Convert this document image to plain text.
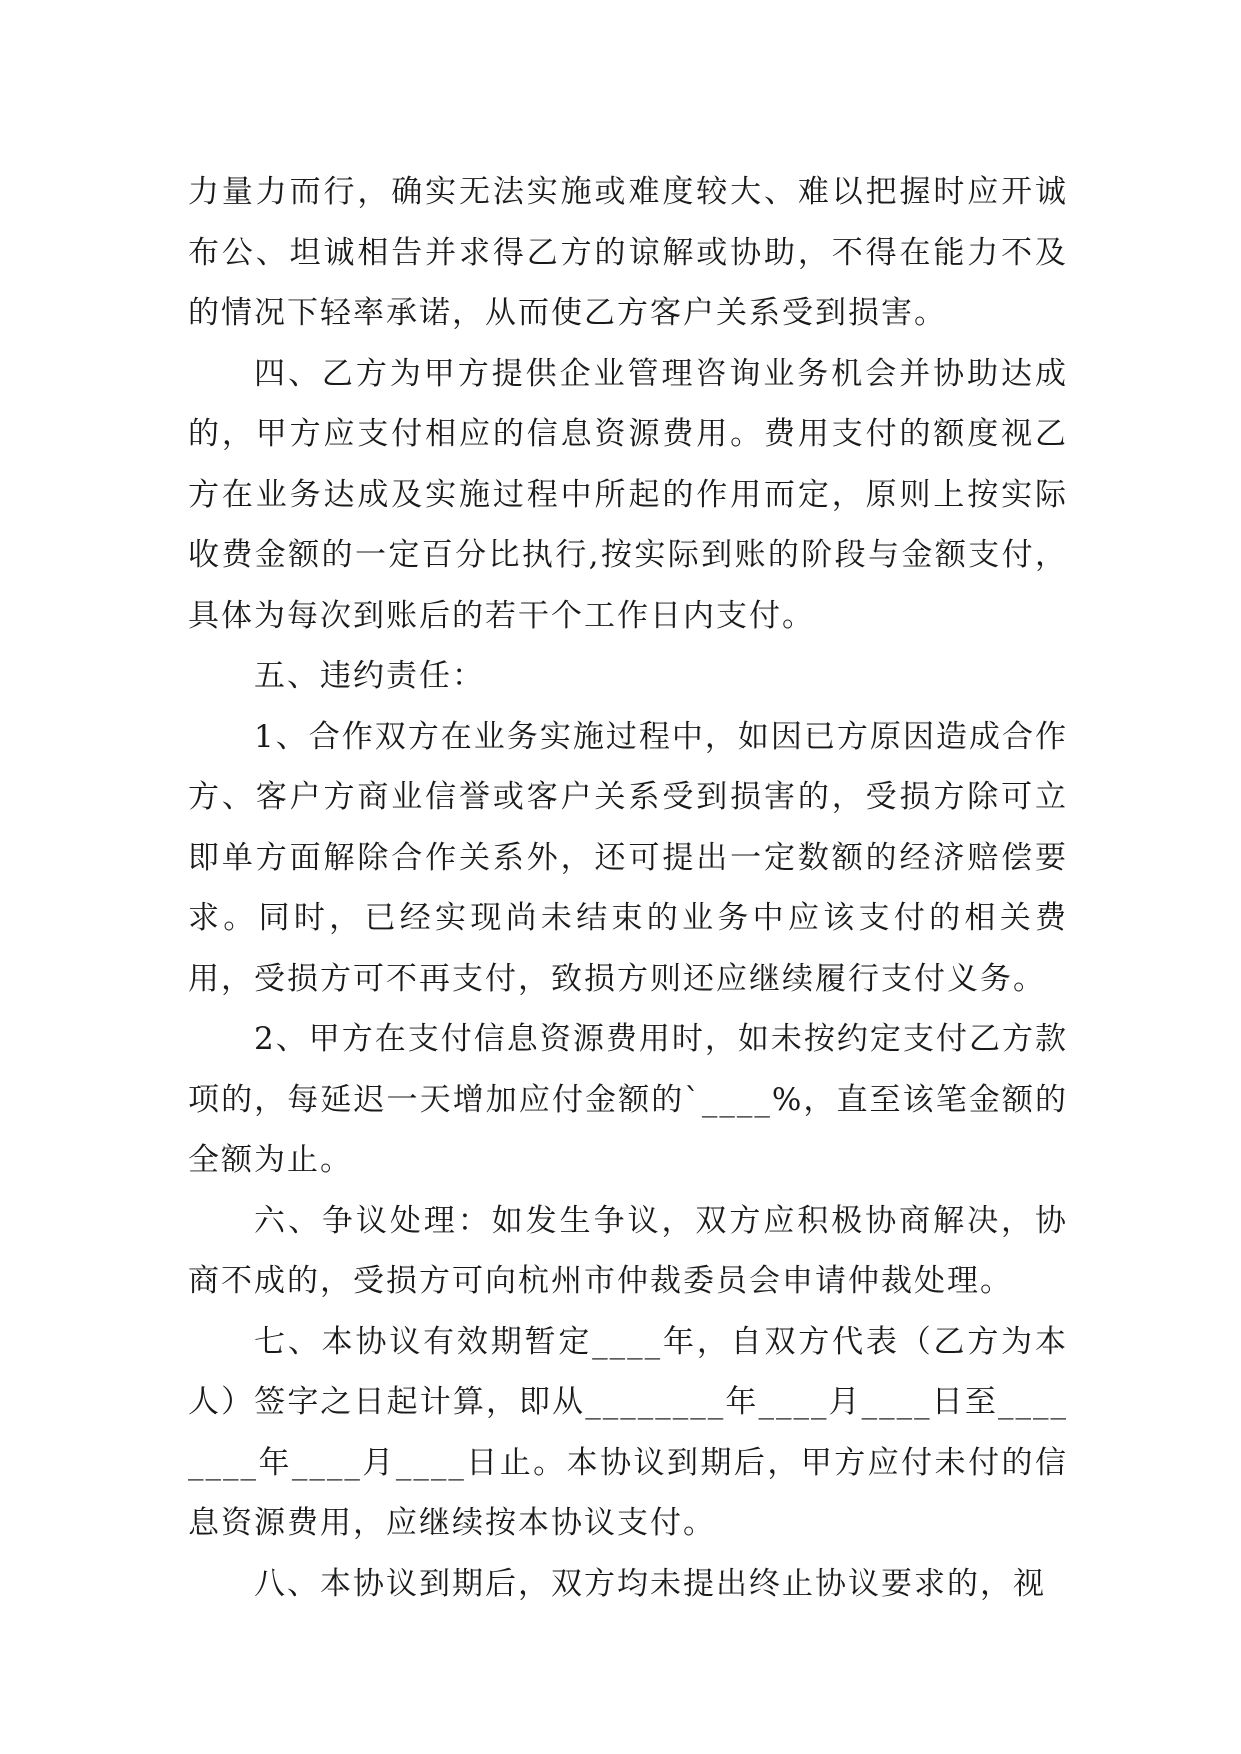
力量力而行，确实无法实施或难度较大、难以把握时应开诚布公、坦诚相告并求得乙方的谅解或协助，不得在能力不及的情况下轻率承诺，从而使乙方客户关系受到损害。

四、乙方为甲方提供企业管理咨询业务机会并协助达成的，甲方应支付相应的信息资源费用。费用支付的额度视乙方在业务达成及实施过程中所起的作用而定，原则上按实际收费金额的一定百分比执行,按实际到账的阶段与金额支付，具体为每次到账后的若干个工作日内支付。

五、违约责任：

1、合作双方在业务实施过程中，如因已方原因造成合作方、客户方商业信誉或客户关系受到损害的，受损方除可立即单方面解除合作关系外，还可提出一定数额的经济赔偿要求。同时，已经实现尚未结束的业务中应该支付的相关费用，受损方可不再支付，致损方则还应继续履行支付义务。

2、甲方在支付信息资源费用时，如未按约定支付乙方款项的，每延迟一天增加应付金额的`____%，直至该笔金额的全额为止。

六、争议处理：如发生争议，双方应积极协商解决，协商不成的，受损方可向杭州市仲裁委员会申请仲裁处理。

七、本协议有效期暂定____年，自双方代表（乙方为本人）签字之日起计算，即从________年____月____日至________年____月____日止。本协议到期后，甲方应付未付的信息资源费用，应继续按本协议支付。

八、本协议到期后，双方均未提出终止协议要求的，视
